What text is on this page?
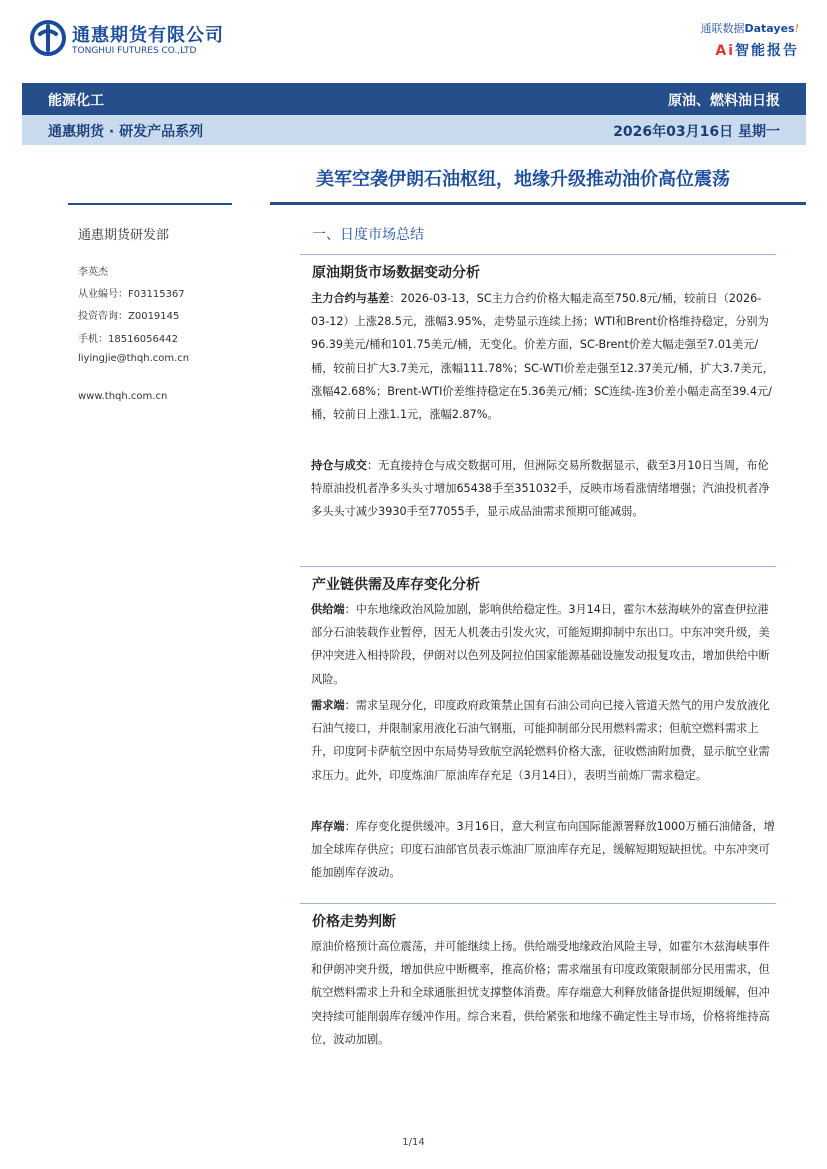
通惠期货有限公司
TONGHUI FUTURES CO.,LTD
通联数据Datayes!
Ai智能报告
能源化工	原油、燃料油日报
通惠期货 · 研发产品系列	2026年03月16日 星期一
美军空袭伊朗石油枢纽，地缘升级推动油价高位震荡
通惠期货研发部
李英杰
从业编号：F03115367
投资咨询：Z0019145
手机：18516056442
liyingjie@thqh.com.cn
www.thqh.com.cn
一、日度市场总结
原油期货市场数据变动分析

主力合约与基差：2026-03-13，SC主力合约价格大幅走高至750.8元/桶，较前日（2026-03-12）上涨28.5元，涨幅3.95%，走势显示连续上扬；WTI和Brent价格维持稳定，分别为96.39美元/桶和101.75美元/桶，无变化。价差方面，SC-Brent价差大幅走强至7.01美元/桶，较前日扩大3.7美元，涨幅111.78%；SC-WTI价差走强至12.37美元/桶，扩大3.7美元，涨幅42.68%；Brent-WTI价差维持稳定在5.36美元/桶；SC连续-连3价差小幅走高至39.4元/桶，较前日上涨1.1元，涨幅2.87%。

持仓与成交：无直接持仓与成交数据可用，但洲际交易所数据显示，截至3月10日当周，布伦特原油投机者净多头头寸增加65438手至351032手，反映市场看涨情绪增强；汽油投机者净多头头寸减少3930手至77055手，显示成品油需求预期可能减弱。

产业链供需及库存变化分析

供给端：中东地缘政治风险加剧，影响供给稳定性。3月14日，霍尔木兹海峡外的富查伊拉港部分石油装载作业暂停，因无人机袭击引发火灾，可能短期抑制中东出口。中东冲突升级，美伊冲突进入相持阶段，伊朗对以色列及阿拉伯国家能源基础设施发动报复攻击，增加供给中断风险。

需求端：需求呈现分化，印度政府政策禁止国有石油公司向已接入管道天然气的用户发放液化石油气接口，并限制家用液化石油气钢瓶，可能抑制部分民用燃料需求；但航空燃料需求上升，印度阿卡萨航空因中东局势导致航空涡轮燃料价格大涨，征收燃油附加费，显示航空业需求压力。此外，印度炼油厂原油库存充足（3月14日），表明当前炼厂需求稳定。

库存端：库存变化提供缓冲。3月16日，意大利宣布向国际能源署释放1000万桶石油储备，增加全球库存供应；印度石油部官员表示炼油厂原油库存充足，缓解短期短缺担忧。中东冲突可能加剧库存波动。

价格走势判断

原油价格预计高位震荡，并可能继续上扬。供给端受地缘政治风险主导，如霍尔木兹海峡事件和伊朗冲突升级，增加供应中断概率，推高价格；需求端虽有印度政策限制部分民用需求，但航空燃料需求上升和全球通胀担忧支撑整体消费。库存端意大利释放储备提供短期缓解，但冲突持续可能削弱库存缓冲作用。综合来看，供给紧张和地缘不确定性主导市场，价格将维持高位，波动加剧。

1/14
